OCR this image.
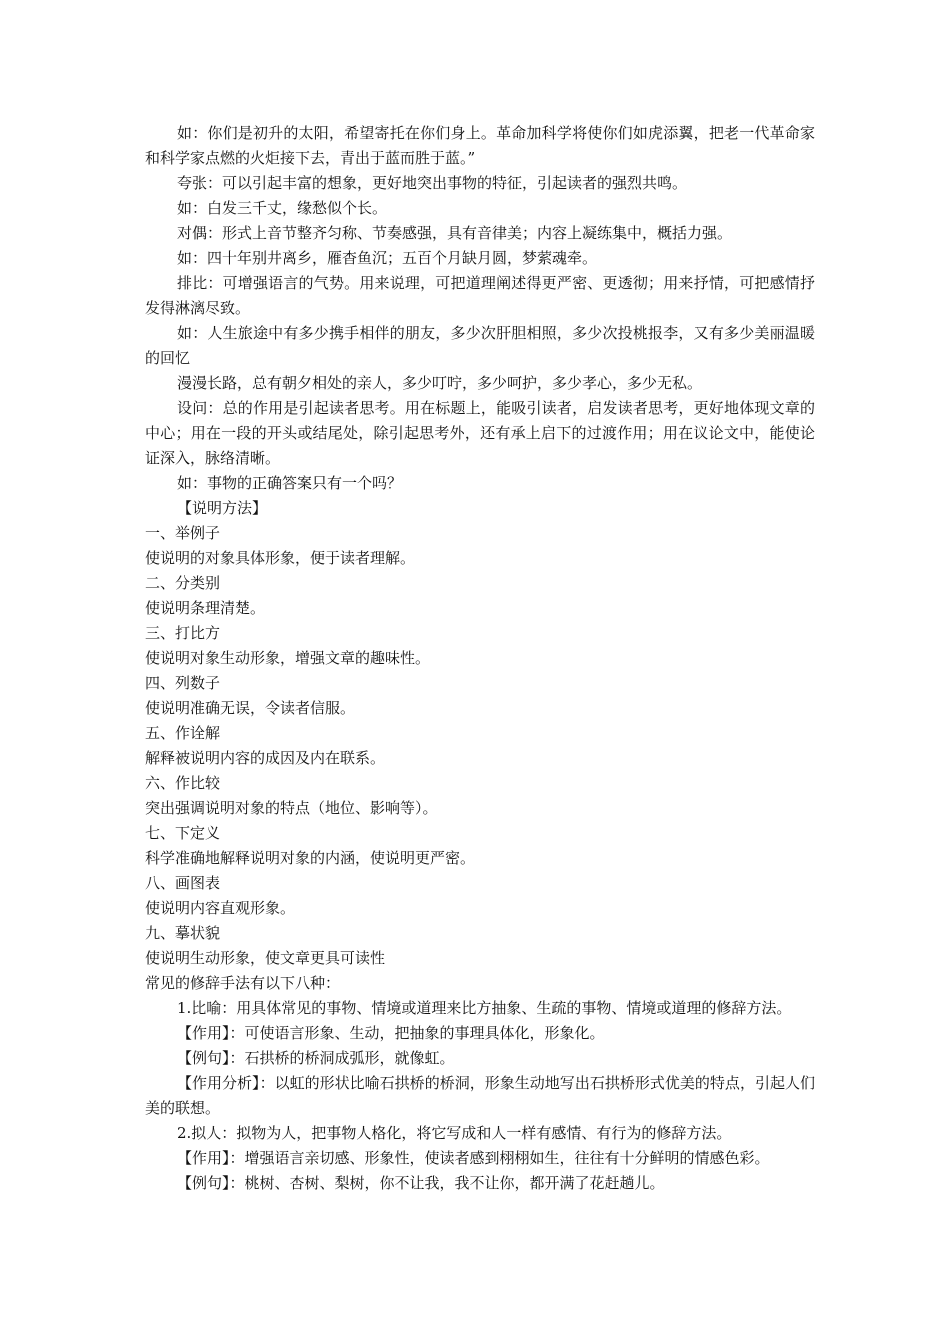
如：你们是初升的太阳，希望寄托在你们身上。革命加科学将使你们如虎添翼，把老一代革命家和科学家点燃的火炬接下去，青出于蓝而胜于蓝。”

夸张：可以引起丰富的想象，更好地突出事物的特征，引起读者的强烈共鸣。

如：白发三千丈，缘愁似个长。

对偶：形式上音节整齐匀称、节奏感强，具有音律美；内容上凝练集中，概括力强。

如：四十年别井离乡，雁杳鱼沉；五百个月缺月圆，梦萦魂牵。

排比：可增强语言的气势。用来说理，可把道理阐述得更严密、更透彻；用来抒情，可把感情抒发得淋漓尽致。

如：人生旅途中有多少携手相伴的朋友，多少次肝胆相照，多少次投桃报李，又有多少美丽温暖的回忆

漫漫长路，总有朝夕相处的亲人，多少叮咛，多少呵护，多少孝心，多少无私。

设问：总的作用是引起读者思考。用在标题上，能吸引读者，启发读者思考，更好地体现文章的中心；用在一段的开头或结尾处，除引起思考外，还有承上启下的过渡作用；用在议论文中，能使论证深入，脉络清晰。

如：事物的正确答案只有一个吗？

【说明方法】

一、举例子

使说明的对象具体形象，便于读者理解。

二、分类别

使说明条理清楚。

三、打比方

使说明对象生动形象，增强文章的趣味性。

四、列数子

使说明准确无误，令读者信服。

五、作诠解

解释被说明内容的成因及内在联系。

六、作比较

突出强调说明对象的特点（地位、影响等）。

七、下定义

科学准确地解释说明对象的内涵，使说明更严密。

八、画图表

使说明内容直观形象。

九、摹状貌

使说明生动形象，使文章更具可读性

常见的修辞手法有以下八种：

1.比喻：用具体常见的事物、情境或道理来比方抽象、生疏的事物、情境或道理的修辞方法。

【作用】：可使语言形象、生动，把抽象的事理具体化，形象化。

【例句】：石拱桥的桥洞成弧形，就像虹。

【作用分析】：以虹的形状比喻石拱桥的桥洞，形象生动地写出石拱桥形式优美的特点，引起人们美的联想。

2.拟人：拟物为人，把事物人格化，将它写成和人一样有感情、有行为的修辞方法。

【作用】：增强语言亲切感、形象性，使读者感到栩栩如生，往往有十分鲜明的情感色彩。

【例句】：桃树、杏树、梨树，你不让我，我不让你，都开满了花赶趟儿。
